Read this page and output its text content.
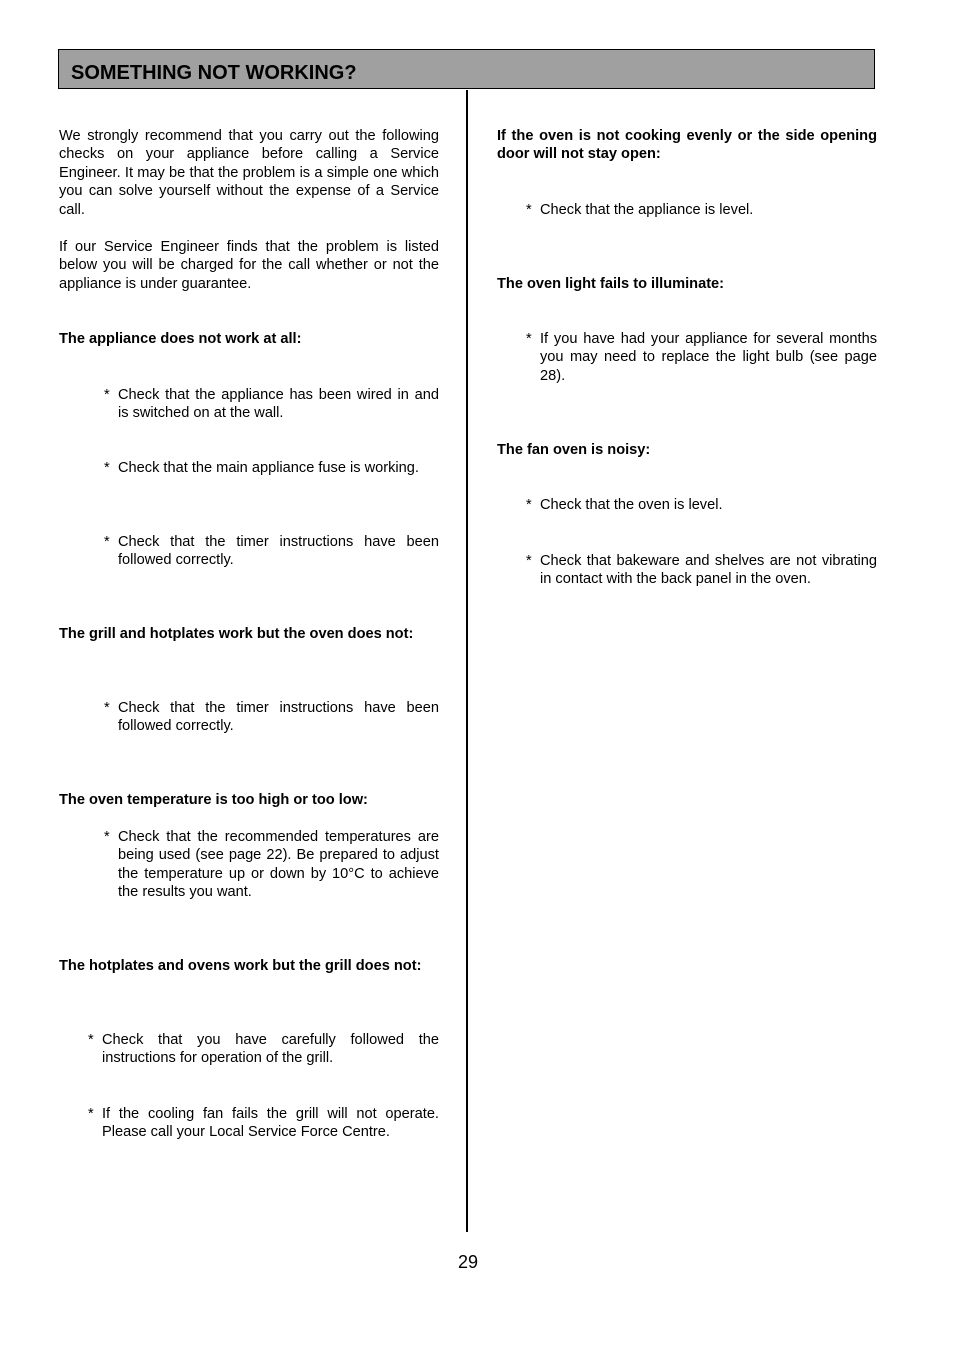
SOMETHING NOT WORKING?

We strongly recommend that you carry out the following checks on your appliance before calling a Service Engineer. It may be that the problem is a simple one which you can solve yourself without the expense of a Service call.

If our Service Engineer finds that the problem is listed below you will be charged for the call whether or not the appliance is under guarantee.

The appliance does not work at all:

* Check that the appliance has been wired in and is switched on at the wall.
* Check that the main appliance fuse is working.
* Check that the timer instructions have been followed correctly.

The grill and hotplates work but the oven does not:

* Check that the timer instructions have been followed correctly.

The oven temperature is too high or too low:

* Check that the recommended temperatures are being used (see page 22). Be prepared to adjust the temperature up or down by 10°C to achieve the results you want.

The hotplates and ovens work but the grill does not:

* Check that you have carefully followed the instructions for operation of the grill.
* If the cooling fan fails the grill will not operate. Please call your Local Service Force Centre.

If the oven is not cooking evenly or the side opening door will not stay open:

* Check that the appliance is level.

The oven light fails to illuminate:

* If you have had your appliance for several months you may need to replace the light bulb (see page 28).

The fan oven is noisy:

* Check that the oven is level.
* Check that bakeware and shelves are not vibrating in contact with the back panel in the oven.
29
